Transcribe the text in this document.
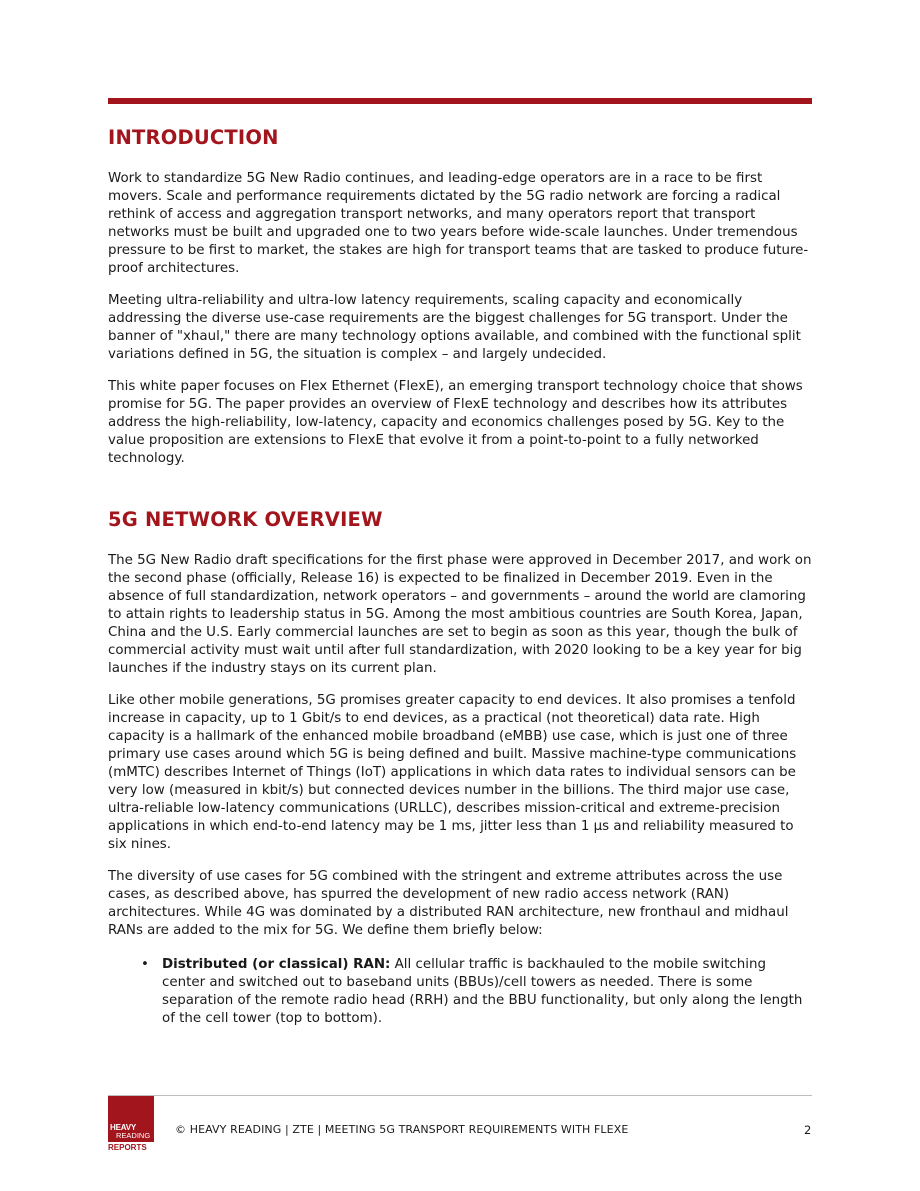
INTRODUCTION

Work to standardize 5G New Radio continues, and leading-edge operators are in a race to be first movers. Scale and performance requirements dictated by the 5G radio network are forcing a radical rethink of access and aggregation transport networks, and many operators report that transport networks must be built and upgraded one to two years before wide-scale launches. Under tremendous pressure to be first to market, the stakes are high for transport teams that are tasked to produce future-proof architectures.

Meeting ultra-reliability and ultra-low latency requirements, scaling capacity and economically addressing the diverse use-case requirements are the biggest challenges for 5G transport. Under the banner of "xhaul," there are many technology options available, and combined with the functional split variations defined in 5G, the situation is complex – and largely undecided.

This white paper focuses on Flex Ethernet (FlexE), an emerging transport technology choice that shows promise for 5G. The paper provides an overview of FlexE technology and describes how its attributes address the high-reliability, low-latency, capacity and economics challenges posed by 5G. Key to the value proposition are extensions to FlexE that evolve it from a point-to-point to a fully networked technology.

5G NETWORK OVERVIEW

The 5G New Radio draft specifications for the first phase were approved in December 2017, and work on the second phase (officially, Release 16) is expected to be finalized in December 2019. Even in the absence of full standardization, network operators – and governments – around the world are clamoring to attain rights to leadership status in 5G. Among the most ambitious countries are South Korea, Japan, China and the U.S. Early commercial launches are set to begin as soon as this year, though the bulk of commercial activity must wait until after full standardization, with 2020 looking to be a key year for big launches if the industry stays on its current plan.

Like other mobile generations, 5G promises greater capacity to end devices. It also promises a tenfold increase in capacity, up to 1 Gbit/s to end devices, as a practical (not theoretical) data rate. High capacity is a hallmark of the enhanced mobile broadband (eMBB) use case, which is just one of three primary use cases around which 5G is being defined and built. Massive machine-type communications (mMTC) describes Internet of Things (IoT) applications in which data rates to individual sensors can be very low (measured in kbit/s) but connected devices number in the billions. The third major use case, ultra-reliable low-latency communications (URLLC), describes mission-critical and extreme-precision applications in which end-to-end latency may be 1 ms, jitter less than 1 µs and reliability measured to six nines.

The diversity of use cases for 5G combined with the stringent and extreme attributes across the use cases, as described above, has spurred the development of new radio access network (RAN) architectures. While 4G was dominated by a distributed RAN architecture, new fronthaul and midhaul RANs are added to the mix for 5G. We define them briefly below:

• Distributed (or classical) RAN: All cellular traffic is backhauled to the mobile switching center and switched out to baseband units (BBUs)/cell towers as needed. There is some separation of the remote radio head (RRH) and the BBU functionality, but only along the length of the cell tower (top to bottom).
HEAVY
READING
REPORTS
© HEAVY READING | ZTE | MEETING 5G TRANSPORT REQUIREMENTS WITH FLEXE	2
